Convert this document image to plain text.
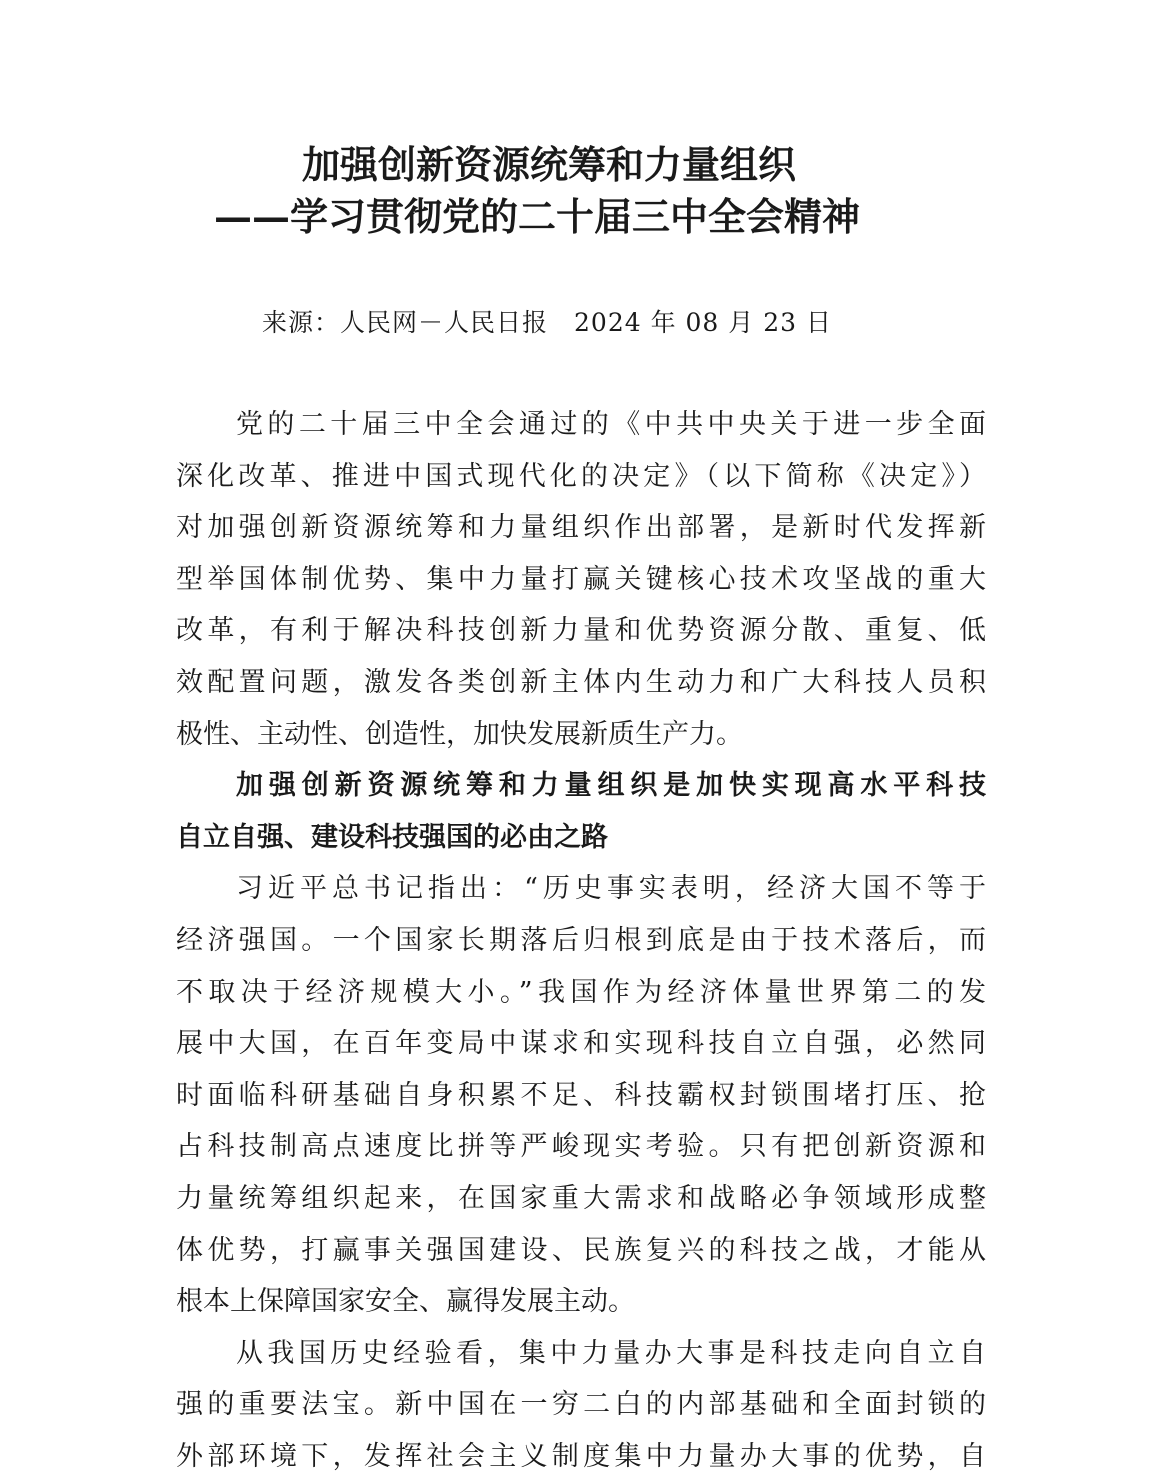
加强创新资源统筹和力量组织
——学习贯彻党的二十届三中全会精神
来源：人民网－人民日报　2024 年 08 月 23 日
党的二十届三中全会通过的《中共中央关于进一步全面
深化改革、推进中国式现代化的决定》（以下简称《决定》）
对加强创新资源统筹和力量组织作出部署，是新时代发挥新
型举国体制优势、集中力量打赢关键核心技术攻坚战的重大
改革，有利于解决科技创新力量和优势资源分散、重复、低
效配置问题，激发各类创新主体内生动力和广大科技人员积
极性、主动性、创造性，加快发展新质生产力。
加强创新资源统筹和力量组织是加快实现高水平科技
自立自强、建设科技强国的必由之路
习近平总书记指出：“历史事实表明，经济大国不等于
经济强国。一个国家长期落后归根到底是由于技术落后，而
不取决于经济规模大小。”我国作为经济体量世界第二的发
展中大国，在百年变局中谋求和实现科技自立自强，必然同
时面临科研基础自身积累不足、科技霸权封锁围堵打压、抢
占科技制高点速度比拼等严峻现实考验。只有把创新资源和
力量统筹组织起来，在国家重大需求和战略必争领域形成整
体优势，打赢事关强国建设、民族复兴的科技之战，才能从
根本上保障国家安全、赢得发展主动。
从我国历史经验看，集中力量办大事是科技走向自立自
强的重要法宝。新中国在一穷二白的内部基础和全面封锁的
外部环境下，发挥社会主义制度集中力量办大事的优势，自
